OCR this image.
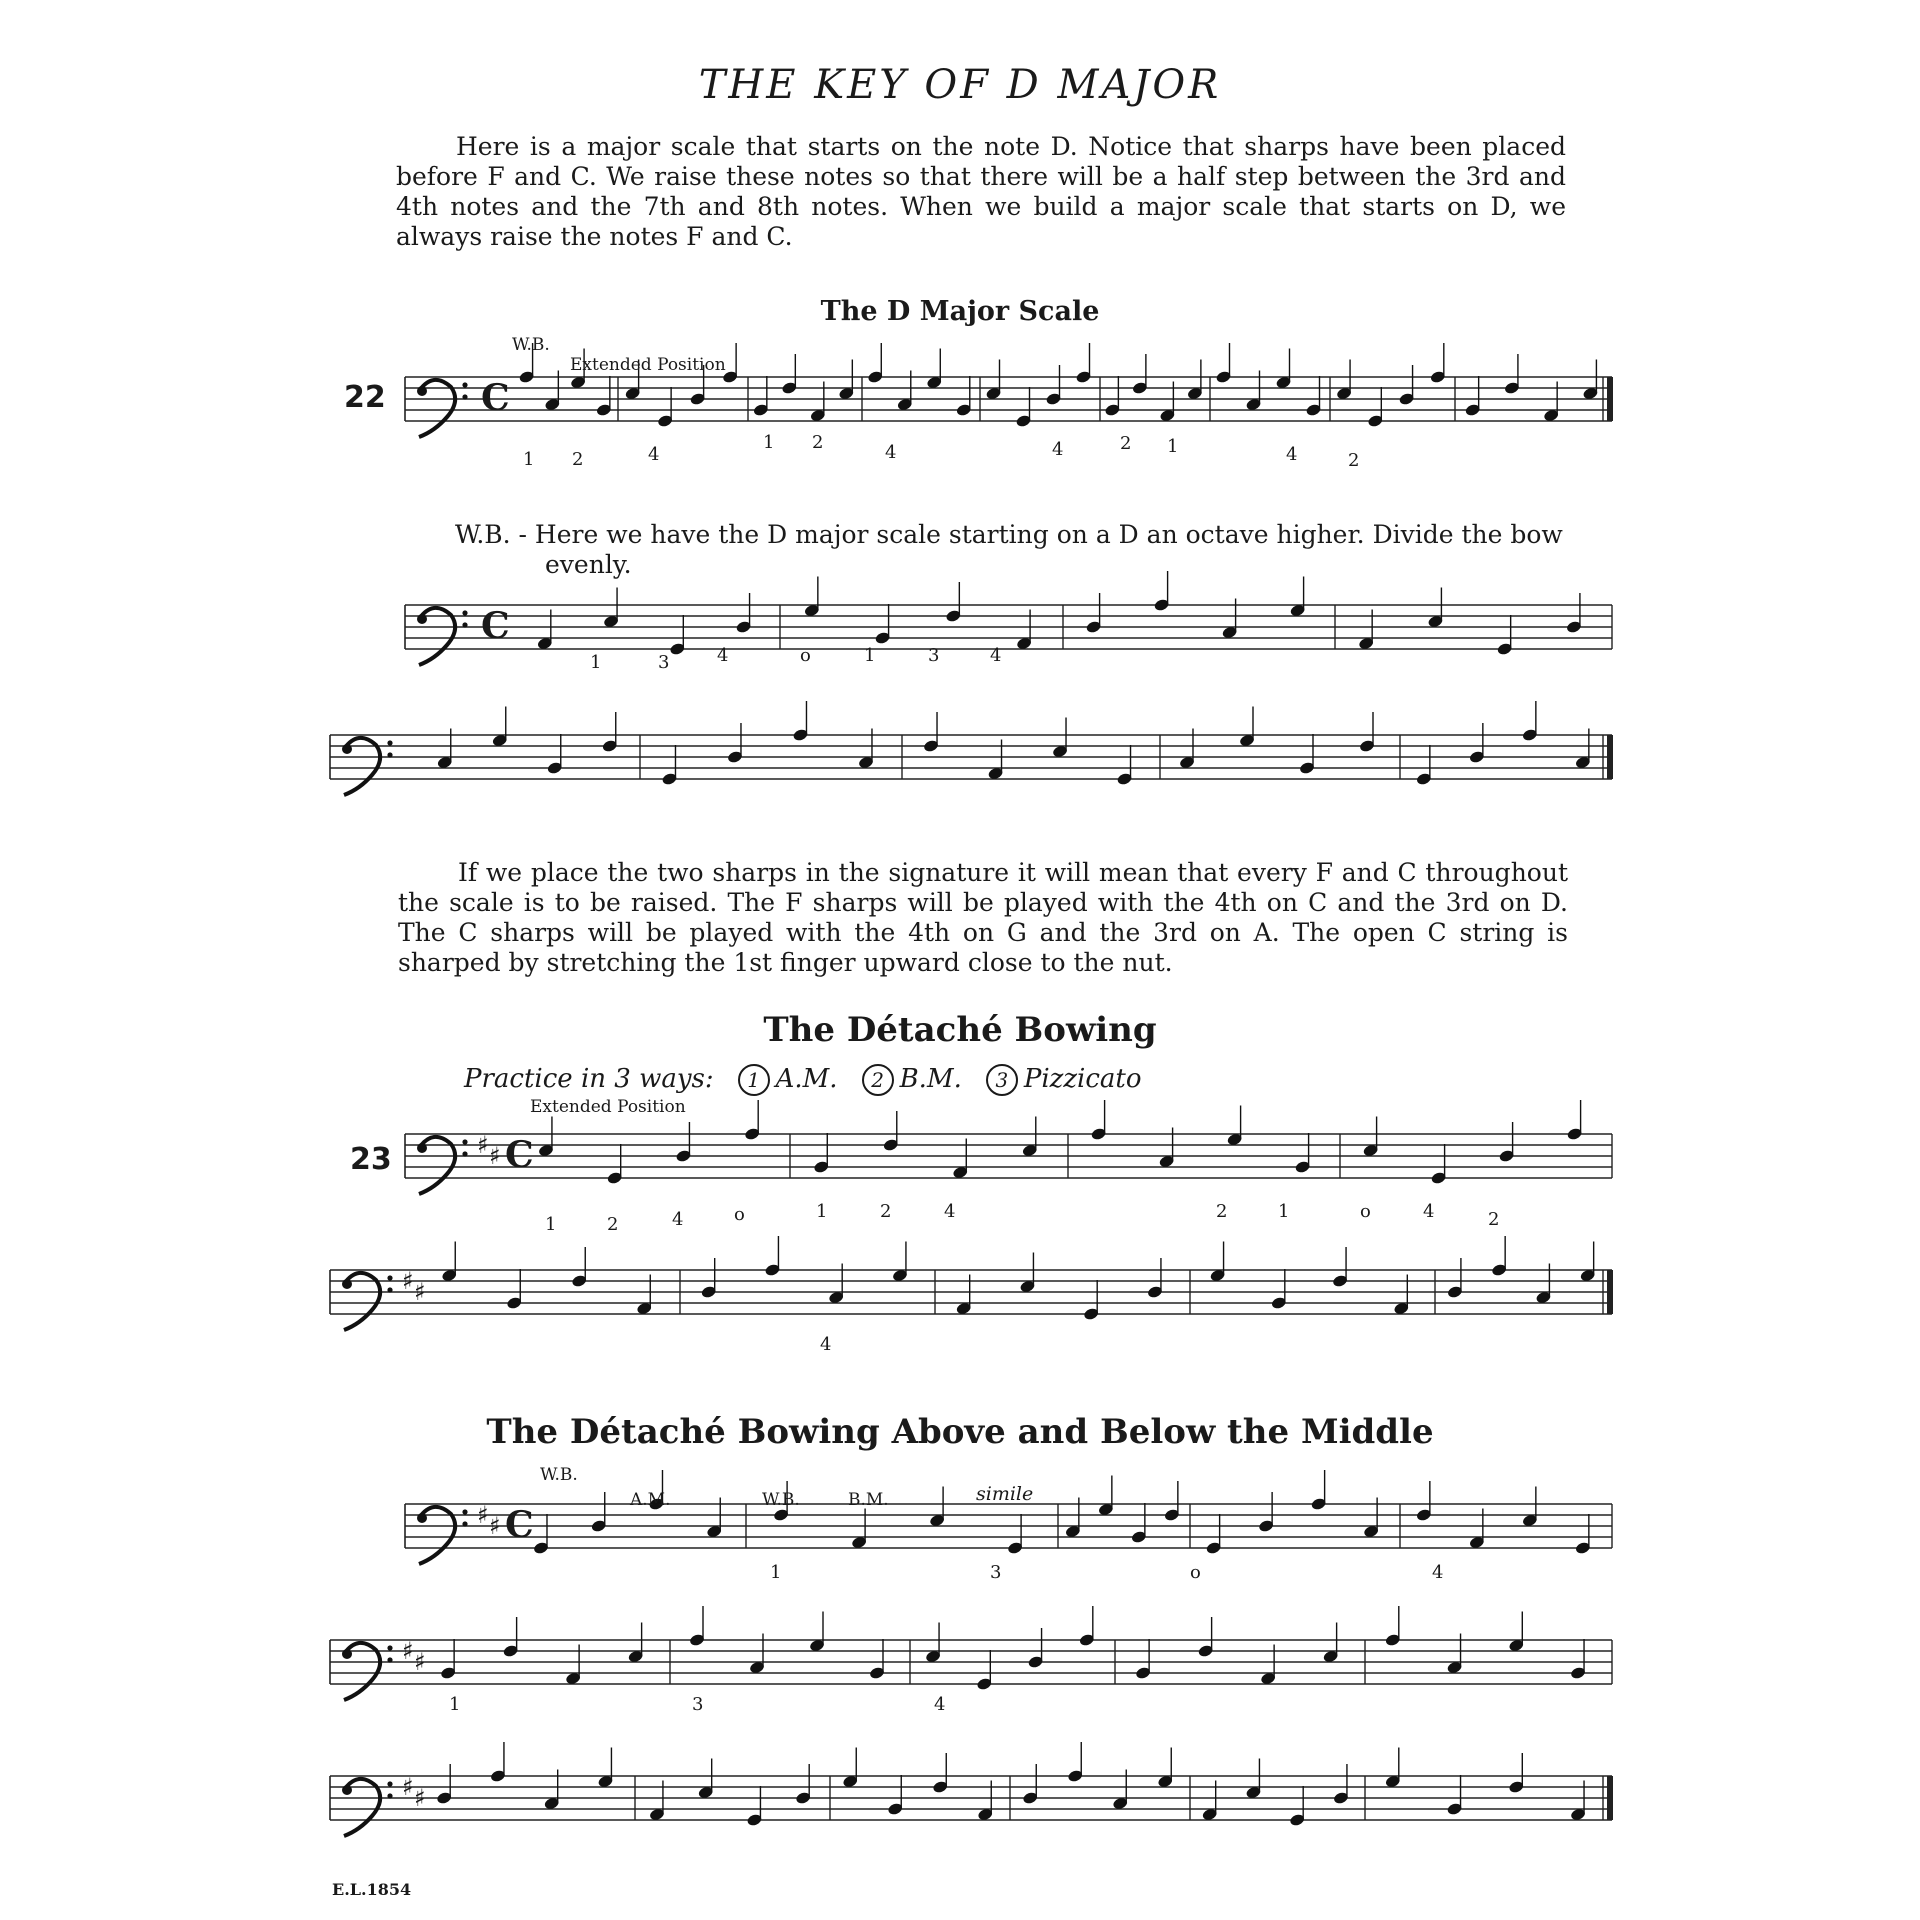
THE KEY OF D MAJOR
Here is a major scale that starts on the note D. Notice that sharps have been placed before F and C. We raise these notes so that there will be a half step between the 3rd and 4th notes and the 7th and 8th notes. When we build a major scale that starts on D, we always raise the notes F and C.
The D Major Scale
W.B. - Here we have the D major scale starting on a D an octave higher. Divide the bow
evenly.
If we place the two sharps in the signature it will mean that every F and C throughout the scale is to be raised. The F sharps will be played with the 4th on C and the 3rd on D. The C sharps will be played with the 4th on G and the 3rd on A. The open C string is sharped by stretching the 1st finger upward close to the nut.
The Détaché Bowing
Practice in 3 ways: 1 A.M. 2 B.M. 3 Pizzicato
The Détaché Bowing Above and Below the Middle
E.L.1854
22
23
C
C
♯ ♯ C
♯ ♯
♯ ♯ C
♯ ♯
♯ ♯
W.B.
Extended Position
Extended Position
W.B.
A.M.	W.B.	B.M.	simile
1 2	4
1 2	4	4	2 1	4	2
1	3	4	o	1	3	4
1	2	4	o	1	2	4	2	1	o	4	2
4
1	3	4
o
1	3	4
